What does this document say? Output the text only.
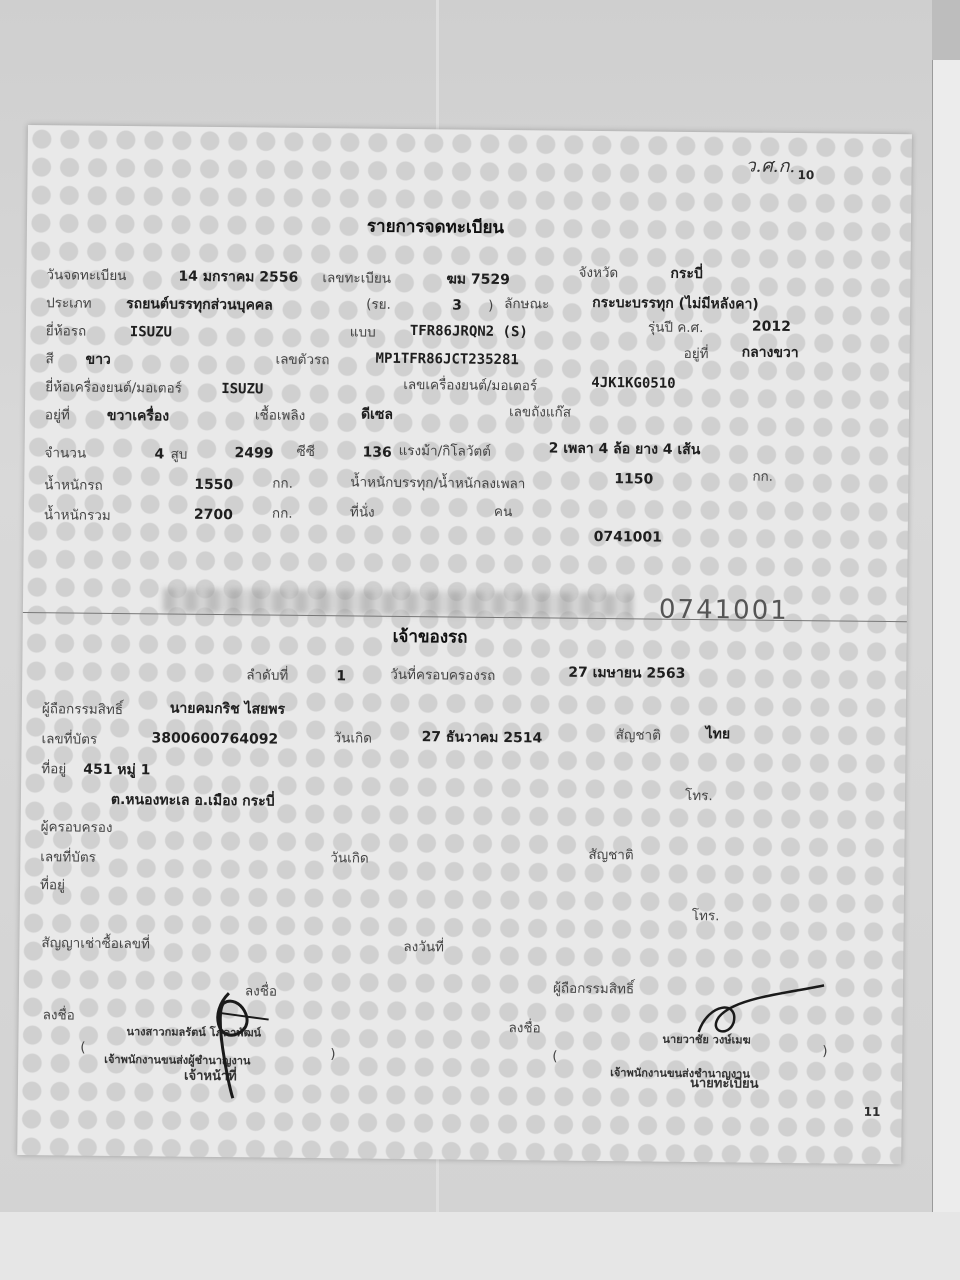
ว.ศ.ก. 10
รายการจดทะเบียน
วันจดทะเบียน	14 มกราคม 2556 เลขทะเบียน	ฆม 7529	จังหวัด	กระบี่
ประเภท รถยนต์บรรทุกส่วนบุคคล	(รย.	3 ) ลักษณะ	กระบะบรรทุก (ไม่มีหลังคา)
ยี่ห้อรถ	ISUZU	แบบ TFR86JRQN2 (S)	รุ่นปี ค.ศ.	2012
สี ขาว	เลขตัวรถ	MP1TFR86JCT235281	อยู่ที่ กลางขวา
ยี่ห้อเครื่องยนต์/มอเตอร์	ISUZU	เลขเครื่องยนต์/มอเตอร์	4JK1KG0510
อยู่ที่	ขวาเครื่อง	เชื้อเพลิง	ดีเซล	เลขถังแก๊ส
จำนวน	4 สูบ	2499 ซีซี	136 แรงม้า/กิโลวัตต์	2 เพลา 4 ล้อ ยาง 4 เส้น
น้ำหนักรถ	1550	กก.	น้ำหนักบรรทุก/น้ำหนักลงเพลา	1150	กก.
น้ำหนักรวม	2700	กก.	ที่นั่ง	คน
0741001
0741001
เจ้าของรถ
ลำดับที่	1	วันที่ครอบครองรถ	27 เมษายน 2563
ผู้ถือกรรมสิทธิ์	นายคมกริช ไสยพร
เลขที่บัตร	3800600764092	วันเกิด	27 ธันวาคม 2514	สัญชาติ	ไทย
ที่อยู่ 451 หมู่ 1
ต.หนองทะเล อ.เมือง กระบี่	โทร.
ผู้ครอบครอง
เลขที่บัตร	วันเกิด	สัญชาติ
ที่อยู่
โทร.
สัญญาเช่าซื้อเลขที่	ลงวันที่
ลงชื่อ	ผู้ถือกรรมสิทธิ์
ลงชื่อ
นางสาวกมลรัตน์ โภคาพัฒน์
(	)
เจ้าพนักงานขนส่งผู้ชำนาญงาน
เจ้าหน้าที่
ลงชื่อ
นายวาชัย วงษ์เมฆ
(	)
เจ้าพนักงานขนส่งชำนาญงาน
นายทะเบียน
11
